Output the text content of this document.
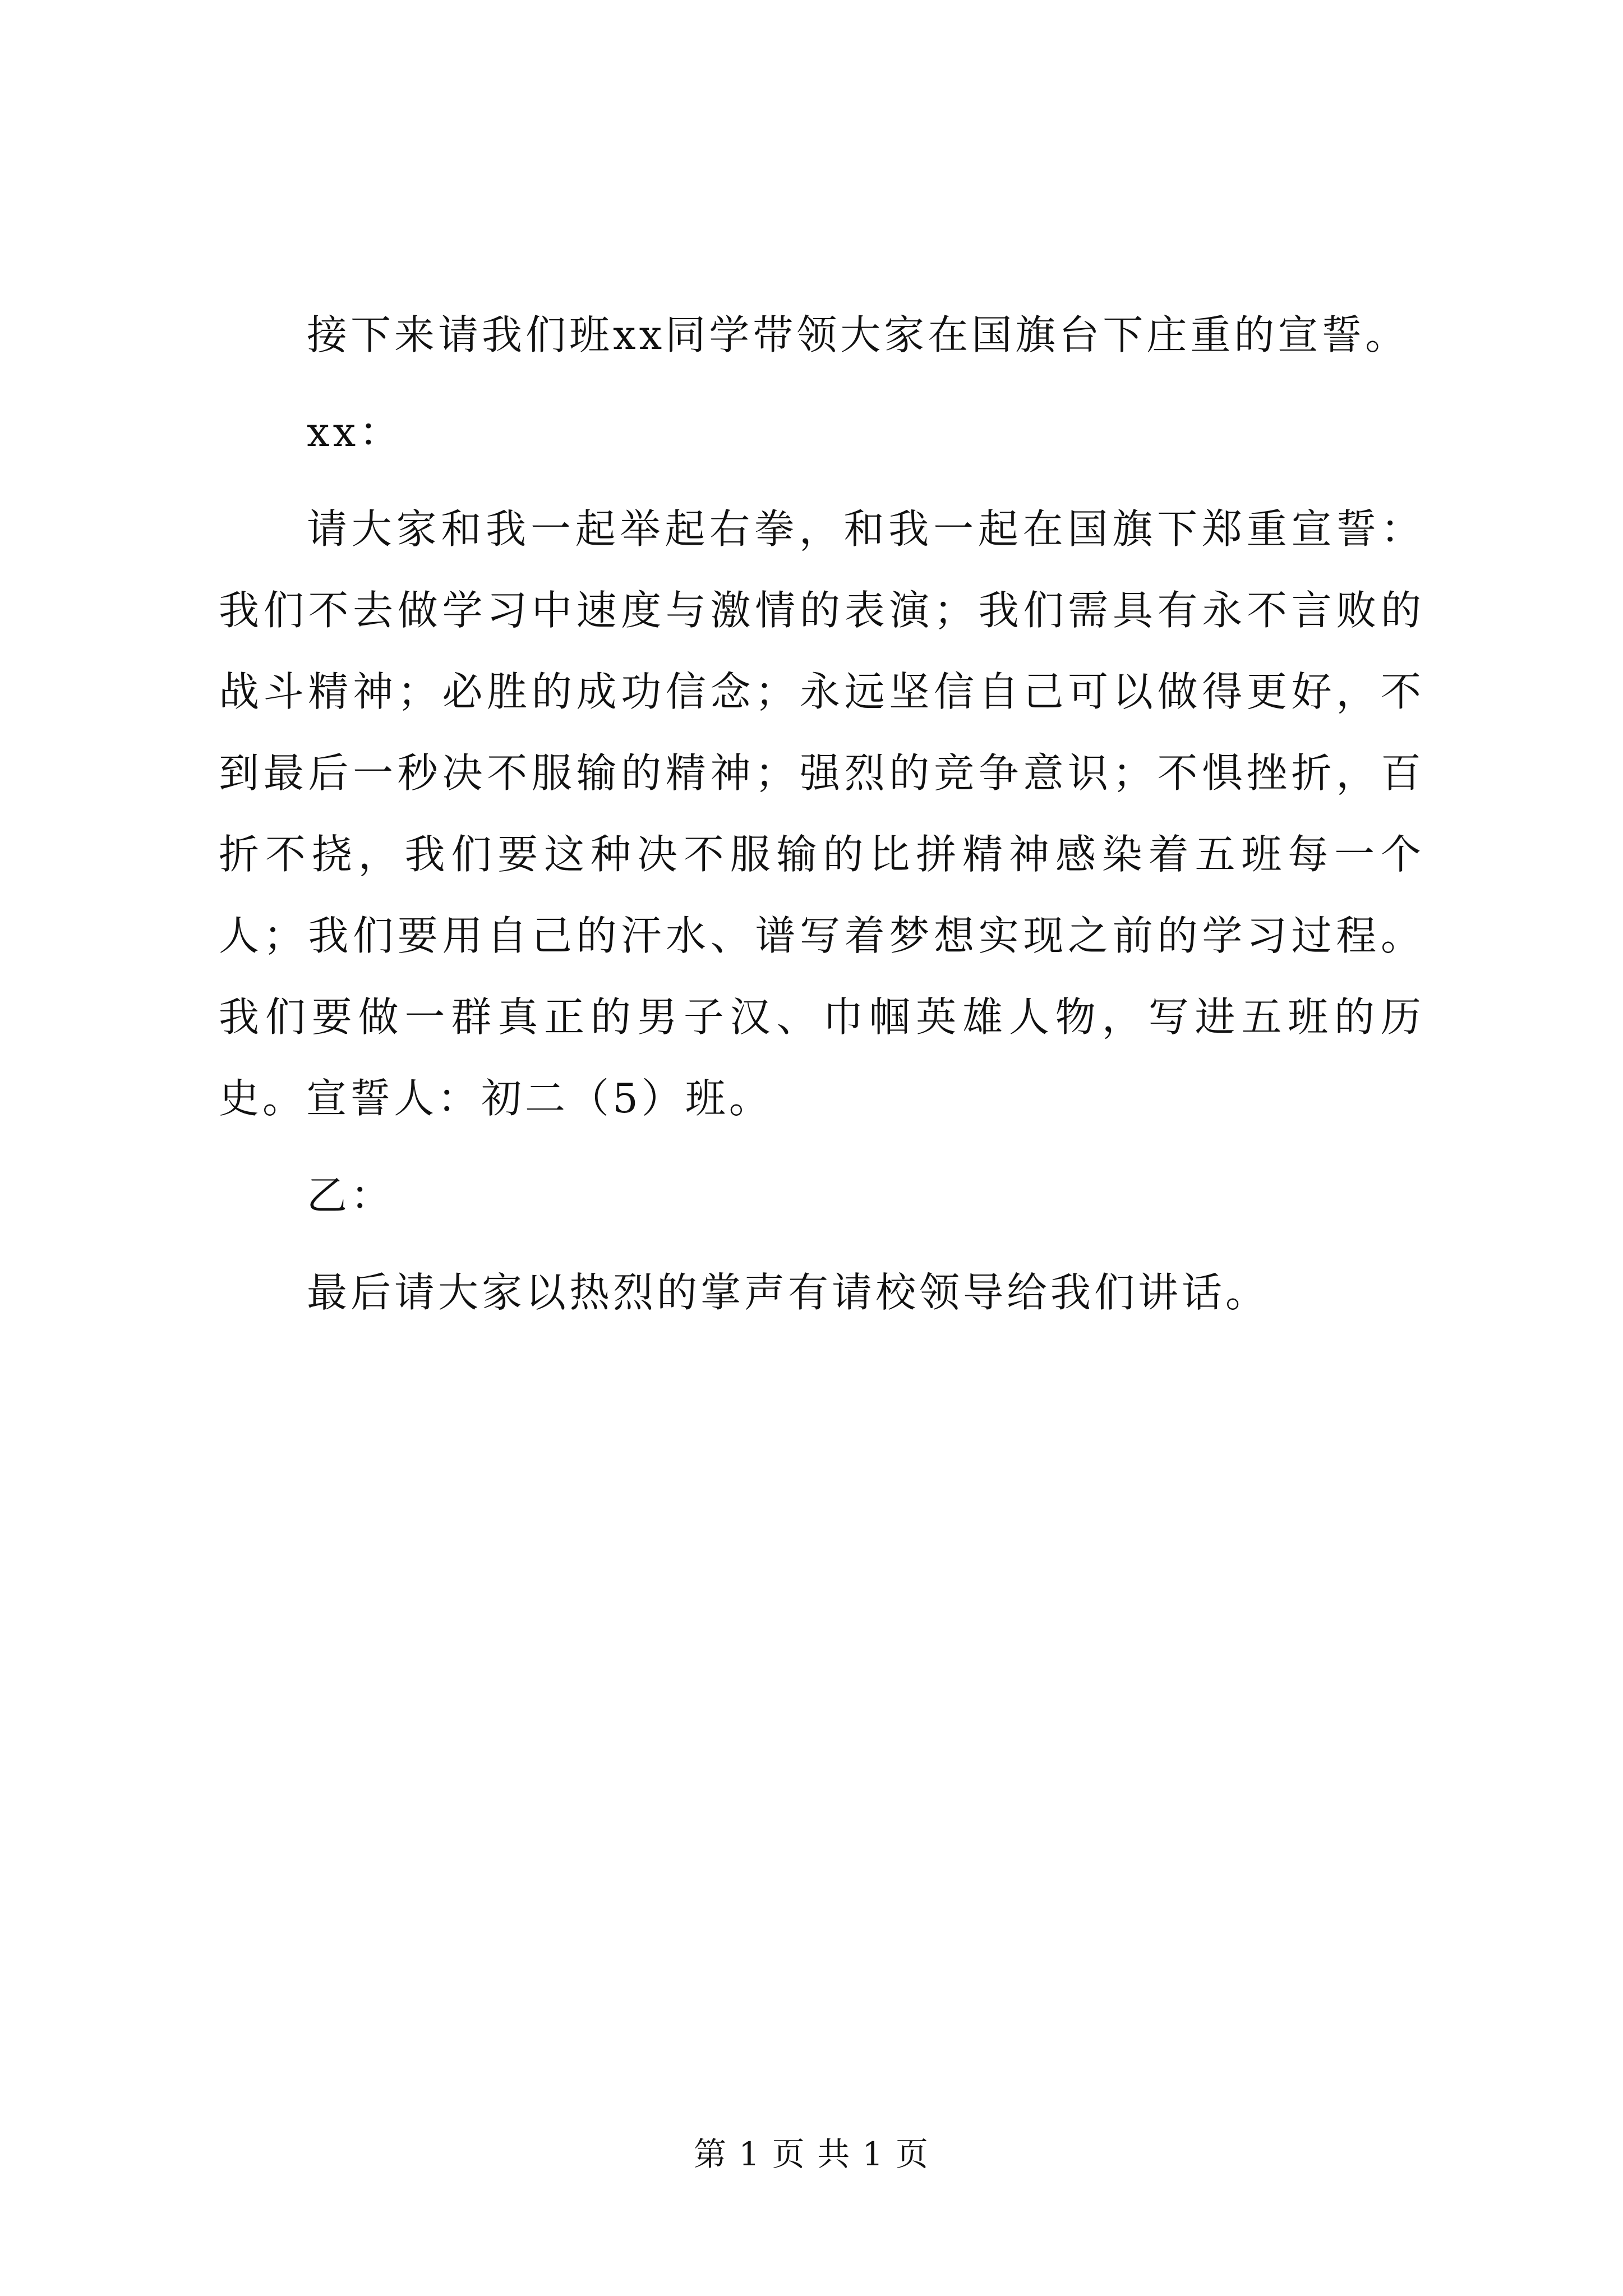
接下来请我们班xx同学带领大家在国旗台下庄重的宣誓。

xx：

请大家和我一起举起右拳，和我一起在国旗下郑重宣誓：我们不去做学习中速度与激情的表演；我们需具有永不言败的战斗精神；必胜的成功信念；永远坚信自己可以做得更好，不到最后一秒决不服输的精神；强烈的竞争意识；不惧挫折，百折不挠，我们要这种决不服输的比拼精神感染着五班每一个人；我们要用自己的汗水、谱写着梦想实现之前的学习过程。我们要做一群真正的男子汉、巾帼英雄人物，写进五班的历史。宣誓人：初二（5）班。

乙：

最后请大家以热烈的掌声有请校领导给我们讲话。

第 1 页 共 1 页
